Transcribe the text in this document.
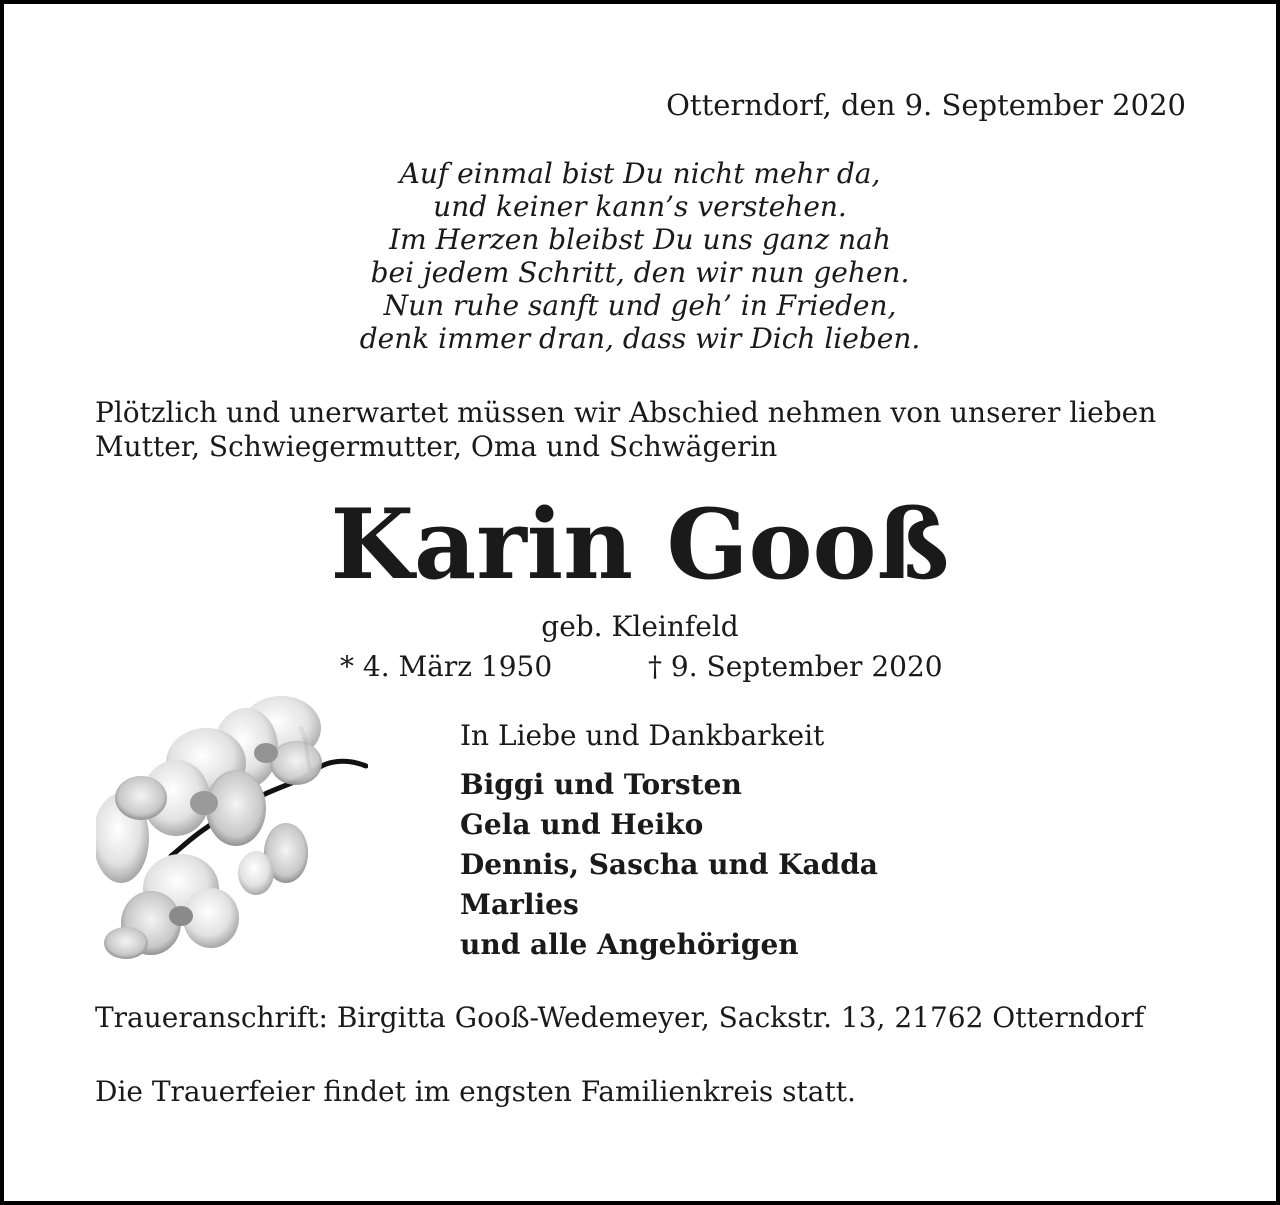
Otterndorf, den 9. September 2020
Auf einmal bist Du nicht mehr da,
und keiner kann’s verstehen.
Im Herzen bleibst Du uns ganz nah
bei jedem Schritt, den wir nun gehen.
Nun ruhe sanft und geh’ in Frieden,
denk immer dran, dass wir Dich lieben.
Plötzlich und unerwartet müssen wir Abschied nehmen von unserer lieben
Mutter, Schwiegermutter, Oma und Schwägerin
Karin Gooß
geb. Kleinfeld
* 4. März 1950	† 9. September 2020
In Liebe und Dankbarkeit
Biggi und Torsten
Gela und Heiko
Dennis, Sascha und Kadda
Marlies
und alle Angehörigen
Traueranschrift: Birgitta Gooß-Wedemeyer, Sackstr. 13, 21762 Otterndorf
Die Trauerfeier findet im engsten Familienkreis statt.
